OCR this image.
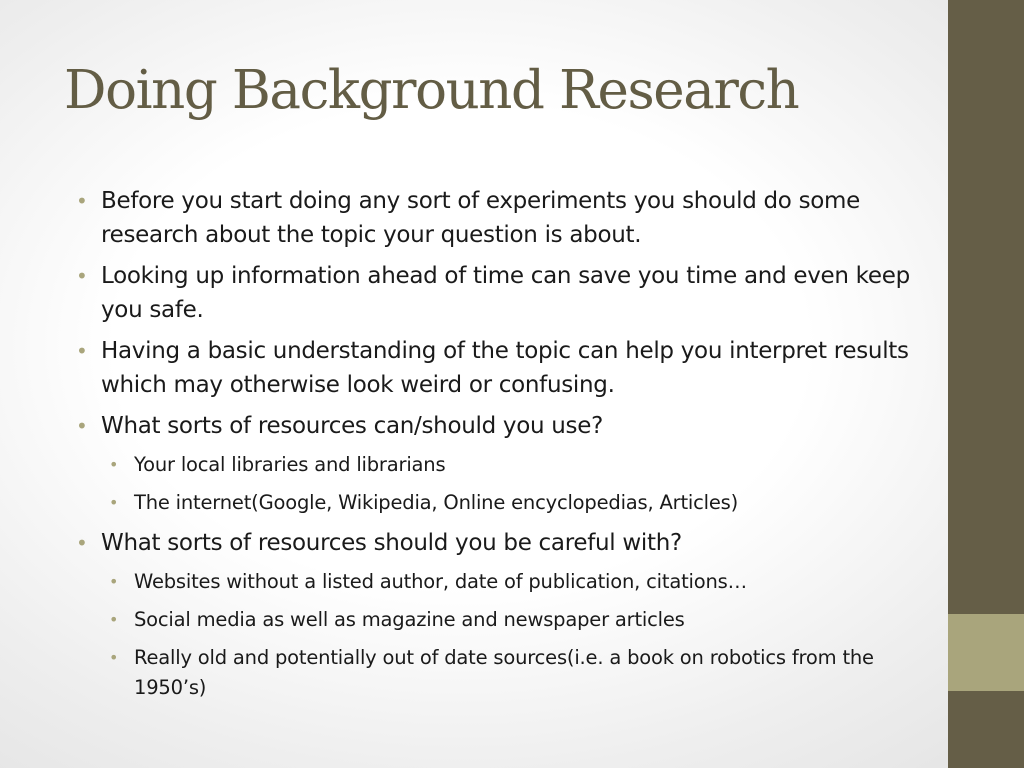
Doing Background Research
• Before you start doing any sort of experiments you should do some research about the topic your question is about.
• Looking up information ahead of time can save you time and even keep you safe.
• Having a basic understanding of the topic can help you interpret results which may otherwise look weird or confusing.
• What sorts of resources can/should you use?
• Your local libraries and librarians
• The internet(Google, Wikipedia, Online encyclopedias, Articles)
• What sorts of resources should you be careful with?
• Websites without a listed author, date of publication, citations…
• Social media as well as magazine and newspaper articles
• Really old and potentially out of date sources(i.e. a book on robotics from the 1950’s)
